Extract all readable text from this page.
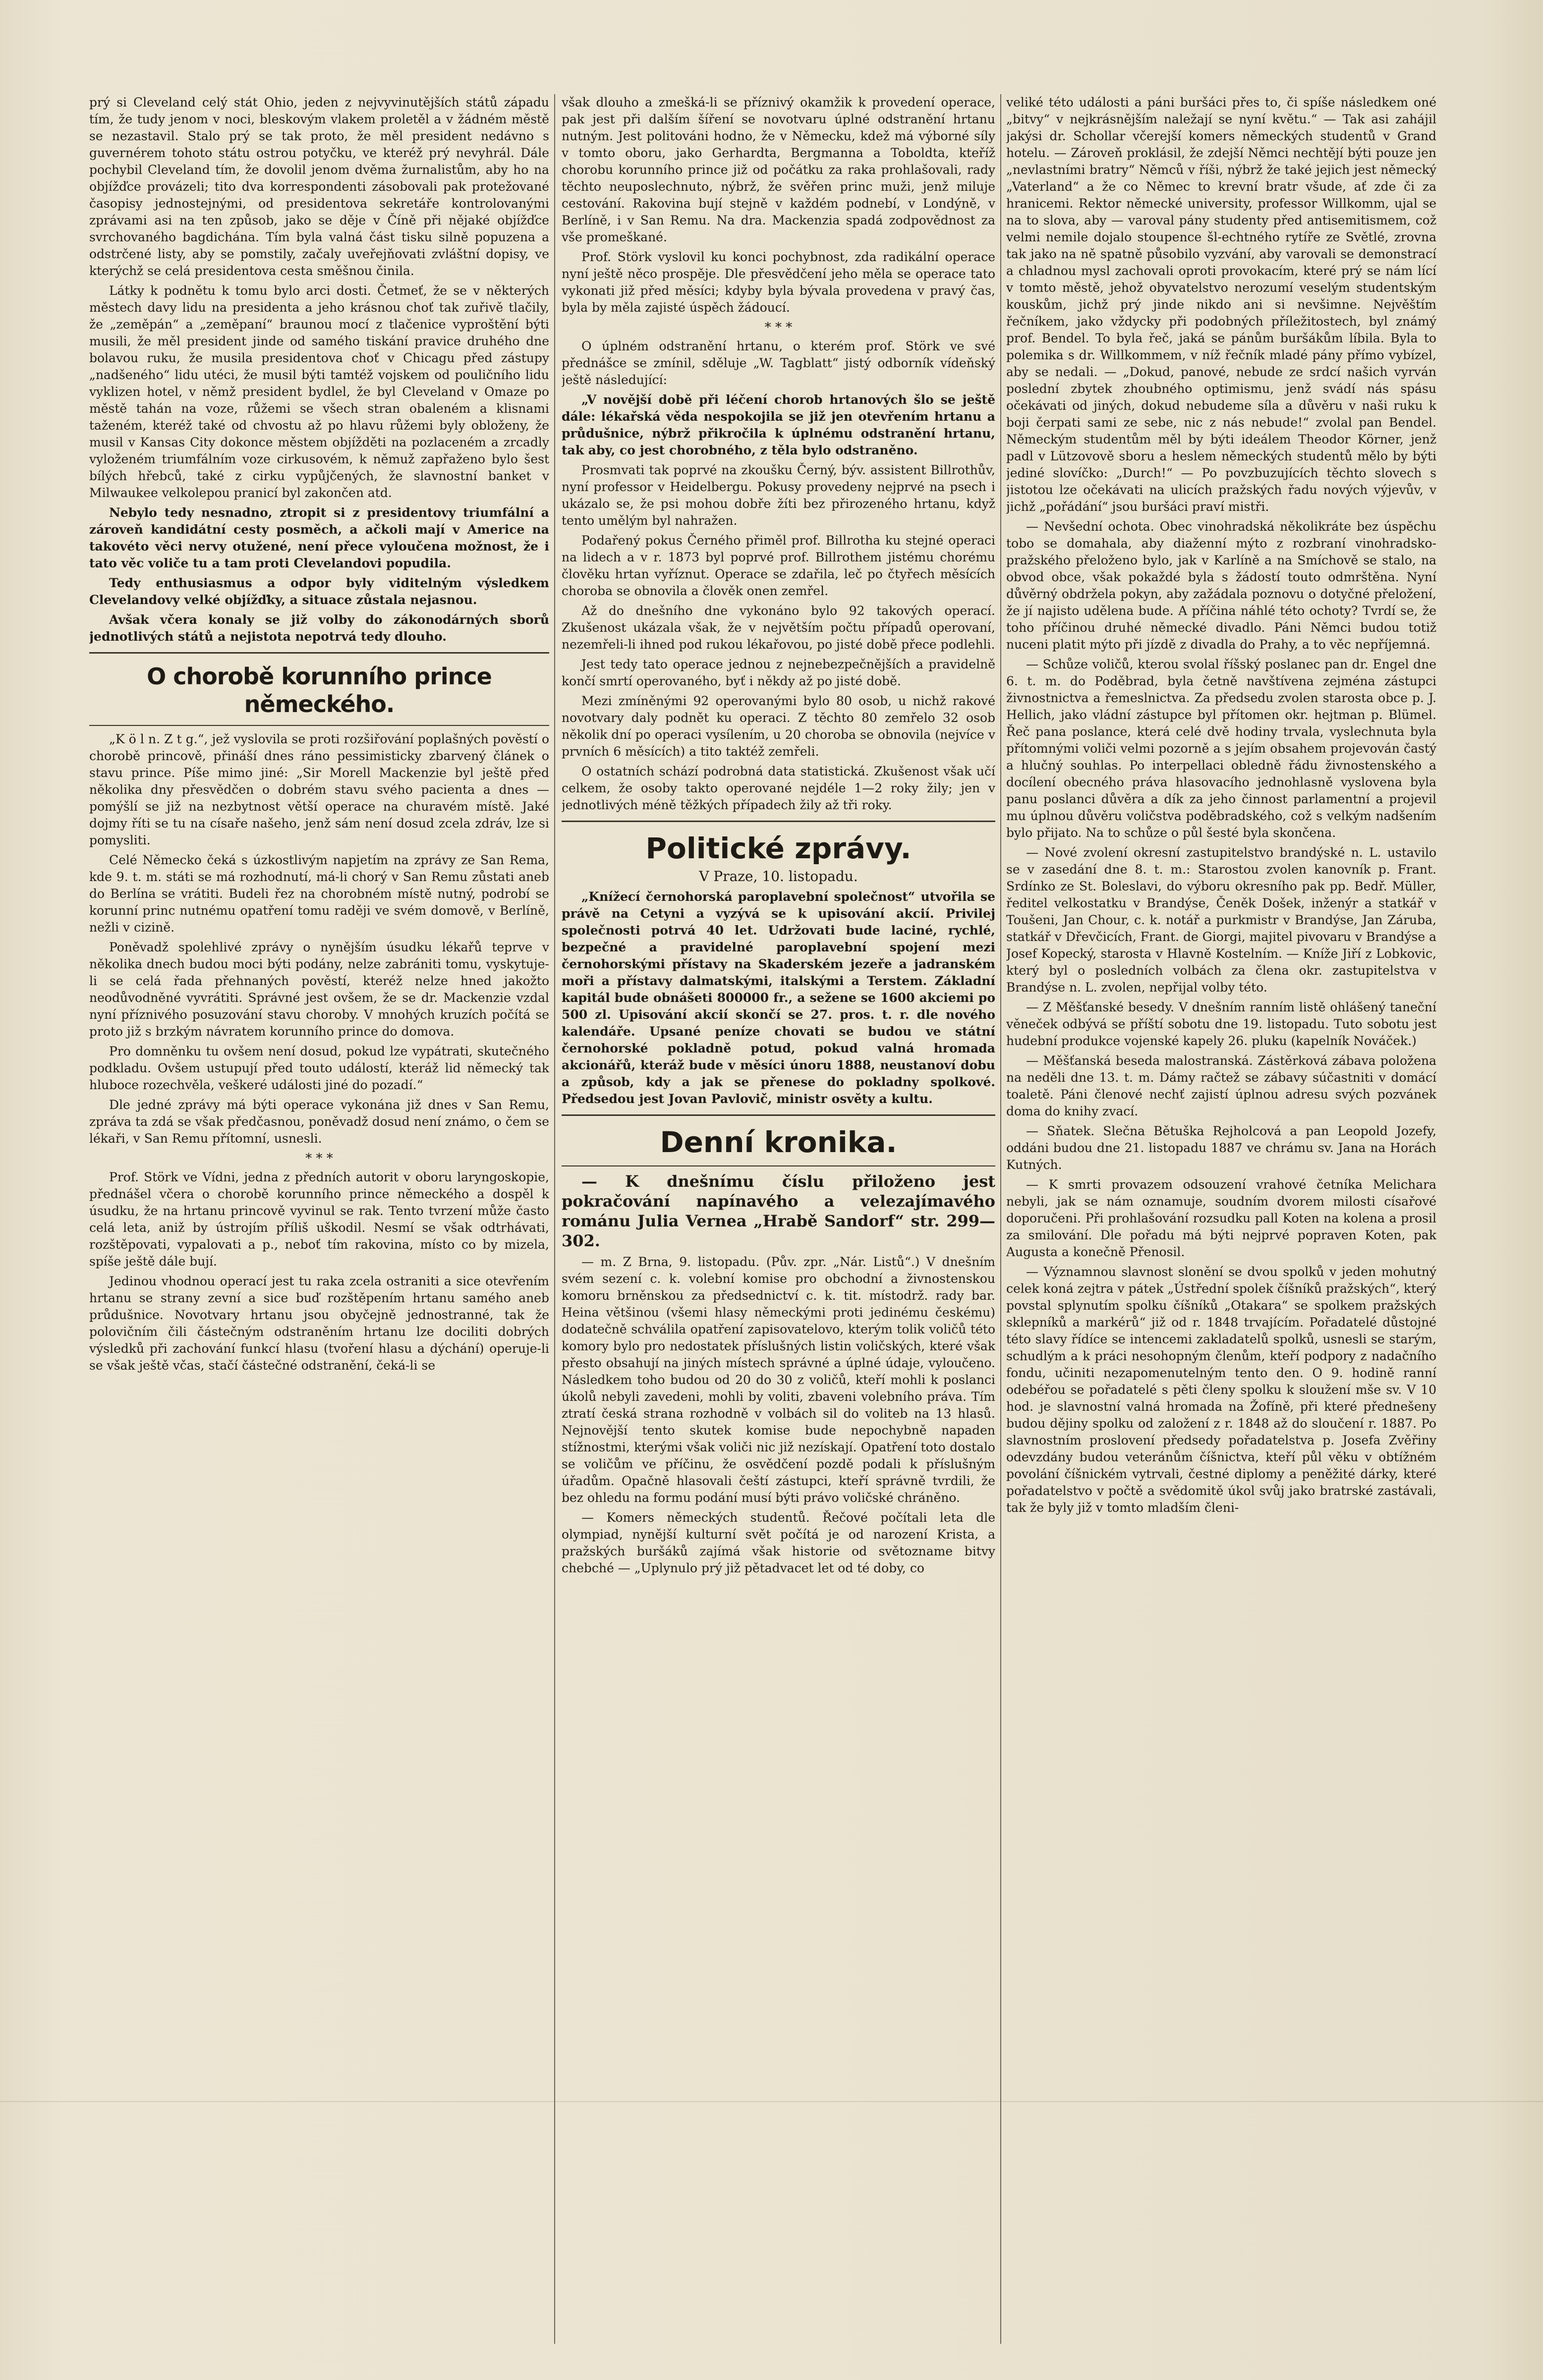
prý si Cleveland celý stát Ohio, jeden z nejvyvinutějších států západu tím, že tudy jenom v noci, bleskovým vlakem proletěl a v žádném městě se nezastavil. Stalo prý se tak proto, že měl president nedávno s guvernérem tohoto státu ostrou potyčku, ve kteréž prý nevyhrál. Dále pochybil Cleveland tím, že dovolil jenom dvěma žurnalistům, aby ho na objížďce provázeli; tito dva korrespondenti zásobovali pak protežované časopisy jednostejnými, od presidentova sekretáře kontrolovanými zprávami asi na ten způsob, jako se děje v Číně při nějaké objížďce svrchovaného bagdichána. Tím byla valná část tisku silně popuzena a odstrčené listy, aby se pomstily, začaly uveřejňovati zvláštní dopisy, ve kterýchž se celá presidentova cesta směšnou činila.

Látky k podnětu k tomu bylo arci dosti. Četmeť, že se v některých městech davy lidu na presidenta a jeho krásnou choť tak zuřivě tlačily, že „zeměpán“ a „zeměpaní“ braunou mocí z tlačenice vyproštění býti musili, že měl president jinde od samého tiskání pravice druhého dne bolavou ruku, že musila presidentova choť v Chicagu před zástupy „nadšeného“ lidu utéci, že musil býti tamtéž vojskem od pouličního lidu vyklizen hotel, v němž president bydlel, že byl Cleveland v Omaze po městě tahán na voze, růžemi se všech stran obaleném a klisnami taženém, kteréž také od chvostu až po hlavu růžemi byly obloženy, že musil v Kansas City dokonce městem objížděti na pozlaceném a zrcadly vyloženém triumfálním voze cirkusovém, k němuž zapřaženo bylo šest bílých hřebců, také z cirku vypůjčených, že slavnostní banket v Milwaukee velkolepou pranicí byl zakončen atd.

Nebylo tedy nesnadno, ztropit si z presidentovy triumfální a zároveň kandidátní cesty posměch, a ačkoli mají v Americe na takovéto věci nervy otužené, není přece vyloučena možnost, že i tato věc voliče tu a tam proti Clevelandovi popudila.

Tedy enthusiasmus a odpor byly viditelným výsledkem Clevelandovy velké objížďky, a situace zůstala nejasnou.

Avšak včera konaly se již volby do zákonodárných sborů jednotlivých států a nejistota nepotrvá tedy dlouho.

O chorobě korunního prince německého.

„K ö l n. Z t g.“, jež vyslovila se proti rozšiřování poplašných pověstí o chorobě princově, přináší dnes ráno pessimisticky zbarvený článek o stavu prince. Píše mimo jiné: „Sir Morell Mackenzie byl ještě před několika dny přesvědčen o dobrém stavu svého pacienta a dnes — pomýšlí se již na nezbytnost větší operace na churavém místě. Jaké dojmy říti se tu na císaře našeho, jenž sám není dosud zcela zdráv, lze si pomysliti.

Celé Německo čeká s úzkostlivým napjetím na zprávy ze San Rema, kde 9. t. m. státi se má rozhodnutí, má-li chorý v San Remu zůstati aneb do Berlína se vrátiti. Budeli řez na chorobném místě nutný, podrobí se korunní princ nutnému opatření tomu raději ve svém domově, v Berlíně, nežli v cizině.

Poněvadž spolehlivé zprávy o nynějším úsudku lékařů teprve v několika dnech budou moci býti podány, nelze zabrániti tomu, vyskytuje-li se celá řada přehnaných pověstí, kteréž nelze hned jakožto neodůvodněné vyvrátiti. Správné jest ovšem, že se dr. Mackenzie vzdal nyní příznivého posuzování stavu choroby. V mnohých kruzích počítá se proto již s brzkým návratem korunního prince do domova.

Pro domněnku tu ovšem není dosud, pokud lze vypátrati, skutečného podkladu. Ovšem ustupují před touto událostí, kteráž lid německý tak hluboce rozechvěla, veškeré události jiné do pozadí.“

Dle jedné zprávy má býti operace vykonána již dnes v San Remu, zpráva ta zdá se však předčasnou, poněvadž dosud není známo, o čem se lékaři, v San Remu přítomní, usnesli.

* * *

Prof. Störk ve Vídni, jedna z předních autorit v oboru laryngoskopie, přednášel včera o chorobě korunního prince německého a dospěl k úsudku, že na hrtanu princově vyvinul se rak. Tento tvrzení může často celá leta, aniž by ústrojím příliš uškodil. Nesmí se však odtrhávati, rozštěpovati, vypalovati a p., neboť tím rakovina, místo co by mizela, spíše ještě dále bují.

Jedinou vhodnou operací jest tu raka zcela ostraniti a sice otevřením hrtanu se strany zevní a sice buď rozštěpením hrtanu samého aneb průdušnice. Novotvary hrtanu jsou obyčejně jednostranné, tak že polovičním čili částečným odstraněním hrtanu lze dociliti dobrých výsledků při zachování funkcí hlasu (tvoření hlasu a dýchání) operuje-li se však ještě včas, stačí částečné odstranění, čeká-li se

však dlouho a zmešká-li se příznivý okamžik k provedení operace, pak jest při dalším šíření se novotvaru úplné odstranění hrtanu nutným. Jest politováni hodno, že v Německu, kdež má výborné síly v tomto oboru, jako Gerhardta, Bergmanna a Toboldta, kteříž chorobu korunního prince již od počátku za raka prohlašovali, rady těchto neuposlechnuto, nýbrž, že svěřen princ muži, jenž miluje cestování. Rakovina bují stejně v každém podnebí, v Londýně, v Berlíně, i v San Remu. Na dra. Mackenzia spadá zodpovědnost za vše promeškané.

Prof. Störk vyslovil ku konci pochybnost, zda radikální operace nyní ještě něco prospěje. Dle přesvědčení jeho měla se operace tato vykonati již před měsíci; kdyby byla bývala provedena v pravý čas, byla by měla zajisté úspěch žádoucí.

* * *

O úplném odstranění hrtanu, o kterém prof. Störk ve své přednášce se zmínil, sděluje „W. Tagblatt“ jistý odborník vídeňský ještě následující:

„V novější době při léčení chorob hrtanových šlo se ještě dále: lékařská věda nespokojila se již jen otevřením hrtanu a průdušnice, nýbrž přikročila k úplnému odstranění hrtanu, tak aby, co jest chorobného, z těla bylo odstraněno.

Prosmvati tak poprvé na zkoušku Černý, býv. assistent Billrothův, nyní professor v Heidelbergu. Pokusy provedeny nejprvé na psech i ukázalo se, že psi mohou dobře žíti bez přirozeného hrtanu, když tento umělým byl nahražen.

Podařený pokus Černého přiměl prof. Billrotha ku stejné operaci na lidech a v r. 1873 byl poprvé prof. Billrothem jistému chorému člověku hrtan vyříznut. Operace se zdařila, leč po čtyřech měsících choroba se obnovila a člověk onen zemřel.

Až do dnešního dne vykonáno bylo 92 takových operací. Zkušenost ukázala však, že v největším počtu případů operovaní, nezemřeli-li ihned pod rukou lékařovou, po jisté době přece podlehli.

Jest tedy tato operace jednou z nejnebezpečnějších a pravidelně končí smrtí operovaného, byť i někdy až po jisté době.

Mezi zmíněnými 92 operovanými bylo 80 osob, u nichž rakové novotvary daly podnět ku operaci. Z těchto 80 zemřelo 32 osob několik dní po operaci vysílením, u 20 choroba se obnovila (nejvíce v prvních 6 měsících) a tito taktéž zemřeli.

O ostatních schází podrobná data statistická. Zkušenost však učí celkem, že osoby takto operované nejdéle 1—2 roky žily; jen v jednotlivých méně těžkých případech žily až tři roky.

Politické zprávy.
V Praze, 10. listopadu.

„Knížecí černohorská paroplavební společnost“ utvořila se právě na Cetyni a vyzývá se k upisování akcií. Privilej společnosti potrvá 40 let. Udržovati bude laciné, rychlé, bezpečné a pravidelné paroplavební spojení mezi černohorskými přístavy na Skaderském jezeře a jadranském moři a přístavy dalmatskými, italskými a Terstem. Základní kapitál bude obnášeti 800000 fr., a sežene se 1600 akciemi po 500 zl. Upisování akcií skončí se 27. pros. t. r. dle nového kalendáře. Upsané peníze chovati se budou ve státní černohorské pokladně potud, pokud valná hromada akcionářů, kteráž bude v měsíci únoru 1888, neustanoví dobu a způsob, kdy a jak se přenese do pokladny spolkové. Předsedou jest Jovan Pavlovič, ministr osvěty a kultu.

Denní kronika.

— K dnešnímu číslu přiloženo jest pokračování napínavého a velezajímavého románu Julia Vernea „Hrabě Sandorf“ str. 299—302.

— m. Z Brna, 9. listopadu. (Pův. zpr. „Nár. Listů“.) V dnešním svém sezení c. k. volební komise pro obchodní a živnostenskou komoru brněnskou za předsednictví c. k. tit. místodrž. rady bar. Heina většinou (všemi hlasy německými proti jedinému českému) dodatečně schválila opatření zapisovatelovo, kterým tolik voličů této komory bylo pro nedostatek příslušných listin voličských, které však přesto obsahují na jiných místech správné a úplné údaje, vyloučeno. Následkem toho budou od 20 do 30 z voličů, kteří mohli k poslanci úkolů nebyli zavedeni, mohli by voliti, zbaveni volebního práva. Tím ztratí česká strana rozhodně v volbách sil do voliteb na 13 hlasů. Nejnovější tento skutek komise bude nepochybně napaden stížnostmi, kterými však voliči nic již nezískají. Opatření toto dostalo se voličům ve příčinu, že osvědčení pozdě podali k příslušným úřadům. Opačně hlasovali čeští zástupci, kteří správně tvrdili, že bez ohledu na formu podání musí býti právo voličské chráněno.

— Komers německých studentů. Řečové počítali leta dle olympiad, nynější kulturní svět počítá je od narození Krista, a pražských buršáků zajímá však historie od světozname bitvy chebché — „Uplynulo prý již pětadvacet let od té doby, co

veliké této události a páni buršáci přes to, či spíše následkem oné „bitvy“ v nejkrásnějším naležají se nyní květu.“ — Tak asi zahájil jakýsi dr. Schollar včerejší komers německých studentů v Grand hotelu. — Zároveň proklásil, že zdejší Němci nechtějí býti pouze jen „nevlastními bratry“ Němců v říši, nýbrž že také jejich jest německý „Vaterland“ a že co Němec to krevní bratr všude, ať zde či za hranicemi. Rektor německé university, professor Willkomm, ujal se na to slova, aby — varoval pány studenty před antisemitismem, což velmi nemile dojalo stoupence šl-echtného rytíře ze Světlé, zrovna tak jako na ně spatně působilo vyzvání, aby varovali se demonstrací a chladnou mysl zachovali oproti provokacím, které prý se nám lící v tomto městě, jehož obyvatelstvo nerozumí veselým studentským kouskům, jichž prý jinde nikdo ani si nevšimne. Nejvěštím řečníkem, jako vždycky při podobných příležitostech, byl známý prof. Bendel. To byla řeč, jaká se pánům buršákům líbila. Byla to polemika s dr. Willkommem, v níž řečník mladé pány přímo vybízel, aby se nedali. — „Dokud, panové, nebude ze srdcí našich vyrván poslední zbytek zhoubného optimismu, jenž svádí nás spásu očekávati od jiných, dokud nebudeme síla a důvěru v naši ruku k boji čerpati sami ze sebe, nic z nás nebude!“ zvolal pan Bendel. Německým studentům měl by býti ideálem Theodor Körner, jenž padl v Lützovově sboru a heslem německých studentů mělo by býti jediné slovíčko: „Durch!“ — Po povzbuzujících těchto slovech s jistotou lze očekávati na ulicích pražských řadu nových výjevův, v jichž „pořádání“ jsou buršáci praví mistři.

— Nevšední ochota. Obec vinohradská několikráte bez úspěchu tobo se domahala, aby diaženní mýto z rozbraní vinohradsko-pražského přeloženo bylo, jak v Karlíně a na Smíchově se stalo, na obvod obce, však pokaždé byla s žádostí touto odmrštěna. Nyní důvěrný obdržela pokyn, aby zažádala poznovu o dotyčné přeložení, že jí najisto udělena bude. A příčina náhlé této ochoty? Tvrdí se, že toho příčinou druhé německé divadlo. Páni Němci budou totiž nuceni platit mýto při jízdě z divadla do Prahy, a to věc nepříjemná.

— Schůze voličů, kterou svolal říšský poslanec pan dr. Engel dne 6. t. m. do Poděbrad, byla četně navštívena zejména zástupci živnostnictva a řemeslnictva. Za předsedu zvolen starosta obce p. J. Hellich, jako vládní zástupce byl přítomen okr. hejtman p. Blümel. Řeč pana poslance, která celé dvě hodiny trvala, vyslechnuta byla přítomnými voliči velmi pozorně a s jejím obsahem projevován častý a hlučný souhlas. Po interpellaci obledně řádu živnostenského a docílení obecného práva hlasovacího jednohlasně vyslovena byla panu poslanci důvěra a dík za jeho činnost parlamentní a projevil mu úplnou důvěru voličstva poděbradského, což s velkým nadšením bylo přijato. Na to schůze o půl šesté byla skončena.

— Nové zvolení okresní zastupitelstvo brandýské n. L. ustavilo se v zasedání dne 8. t. m.: Starostou zvolen kanovník p. Frant. Srdínko ze St. Boleslavi, do výboru okresního pak pp. Bedř. Müller, ředitel velkostatku v Brandýse, Čeněk Došek, inženýr a statkář v Toušeni, Jan Chour, c. k. notář a purkmistr v Brandýse, Jan Záruba, statkář v Dřevčicích, Frant. de Giorgi, majitel pivovaru v Brandýse a Josef Kopecký, starosta v Hlavně Kostelním. — Kníže Jiří z Lobkovic, který byl o posledních volbách za člena okr. zastupitelstva v Brandýse n. L. zvolen, nepřijal volby této.

— Z Měšťanské besedy. V dnešním ranním listě ohlášený taneční věneček odbývá se příští sobotu dne 19. listopadu. Tuto sobotu jest hudební produkce vojenské kapely 26. pluku (kapelník Nováček.)

— Měšťanská beseda malostranská. Zástěrková zábava položena na neděli dne 13. t. m. Dámy račtež se zábavy súčastniti v domácí toaletě. Páni členové nechť zajistí úplnou adresu svých pozvánek doma do knihy zvací.

— Sňatek. Slečna Bětuška Rejholcová a pan Leopold Jozefy, oddáni budou dne 21. listopadu 1887 ve chrámu sv. Jana na Horách Kutných.

— K smrti provazem odsouzení vrahové četníka Melichara nebyli, jak se nám oznamuje, soudním dvorem milosti císařové doporučeni. Při prohlašování rozsudku pall Koten na kolena a prosil za smilování. Dle pořadu má býti nejprvé popraven Koten, pak Augusta a konečně Přenosil.

— Významnou slavnost slonění se dvou spolků v jeden mohutný celek koná zejtra v pátek „Ústřední spolek číšníků pražských“, který povstal splynutím spolku číšníků „Otakara“ se spolkem pražských sklepníků a markérů“ již od r. 1848 trvajícím. Pořadatelé důstojné této slavy řídíce se intencemi zakladatelů spolků, usnesli se starým, schudlým a k práci nesohopným členům, kteří podpory z nadačního fondu, učiniti nezapomenutelným tento den. O 9. hodině ranní odebéřou se pořadatelé s pěti členy spolku k sloužení mše sv. V 10 hod. je slavnostní valná hromada na Žofíně, při které přednešeny budou dějiny spolku od založení z r. 1848 až do sloučení r. 1887. Po slavnostním proslovení předsedy pořadatelstva p. Josefa Zvěřiny odevzdány budou veteránům číšnictva, kteří půl věku v obtížném povolání číšnickém vytrvali, čestné diplomy a peněžité dárky, které pořadatelstvo v počtě a svědomitě úkol svůj jako bratrské zastávali, tak že byly již v tomto mladším členi-
